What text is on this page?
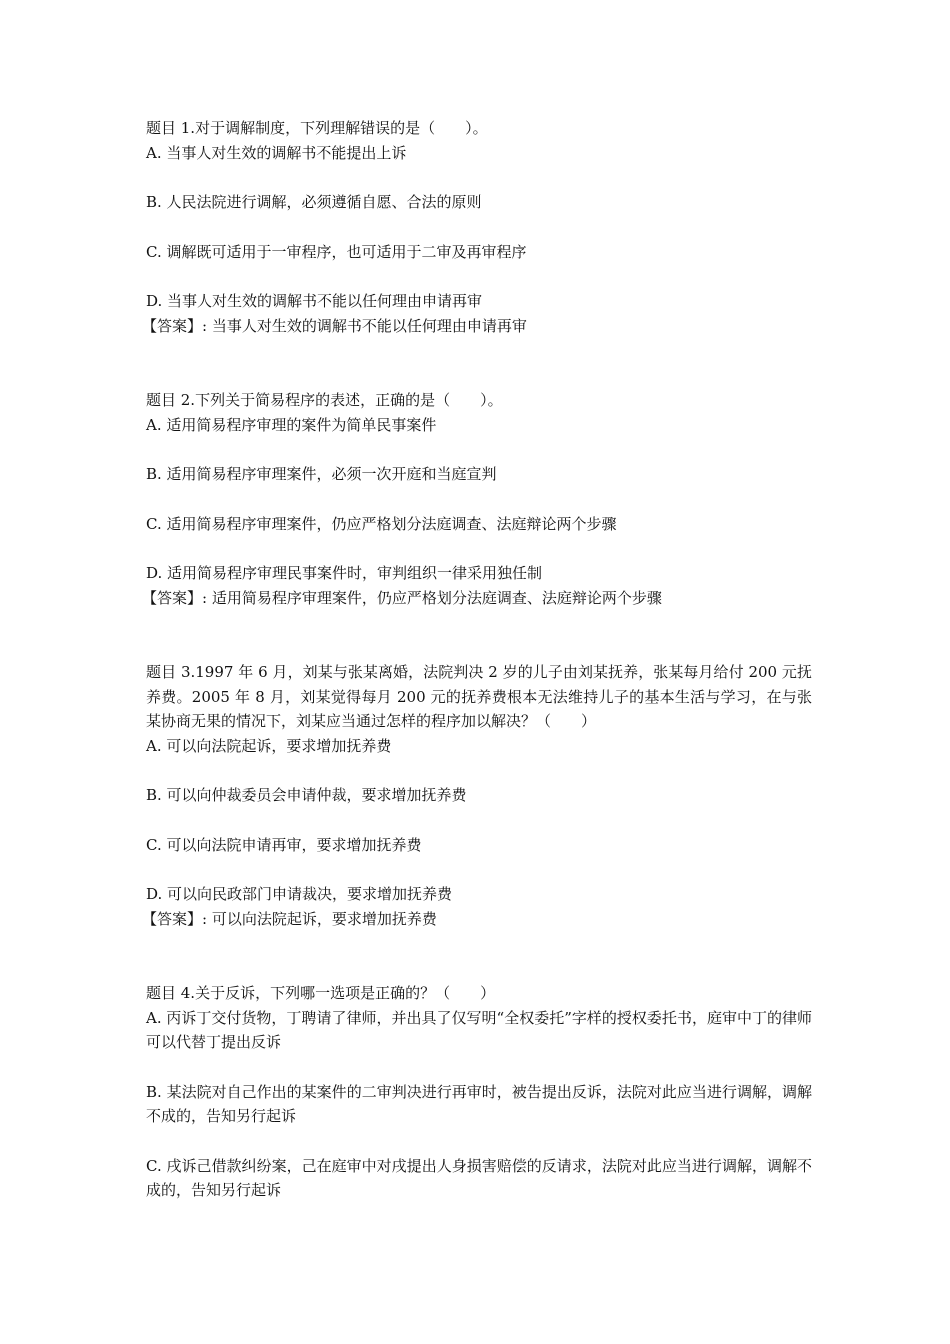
题目 1.对于调解制度，下列理解错误的是（　　）。

A. 当事人对生效的调解书不能提出上诉

B. 人民法院进行调解，必须遵循自愿、合法的原则

C. 调解既可适用于一审程序，也可适用于二审及再审程序

D. 当事人对生效的调解书不能以任何理由申请再审

【答案】: 当事人对生效的调解书不能以任何理由申请再审

题目 2.下列关于简易程序的表述，正确的是（　　）。

A. 适用简易程序审理的案件为简单民事案件

B. 适用简易程序审理案件，必须一次开庭和当庭宣判

C. 适用简易程序审理案件，仍应严格划分法庭调查、法庭辩论两个步骤

D. 适用简易程序审理民事案件时，审判组织一律采用独任制

【答案】: 适用简易程序审理案件，仍应严格划分法庭调查、法庭辩论两个步骤

题目 3.1997 年 6 月，刘某与张某离婚，法院判决 2 岁的儿子由刘某抚养，张某每月给付 200 元抚养费。2005 年 8 月，刘某觉得每月 200 元的抚养费根本无法维持儿子的基本生活与学习，在与张某协商无果的情况下，刘某应当通过怎样的程序加以解决？（　　）

A. 可以向法院起诉，要求增加抚养费

B. 可以向仲裁委员会申请仲裁，要求增加抚养费

C. 可以向法院申请再审，要求增加抚养费

D. 可以向民政部门申请裁决，要求增加抚养费

【答案】: 可以向法院起诉，要求增加抚养费

题目 4.关于反诉，下列哪一选项是正确的？（　　）

A. 丙诉丁交付货物，丁聘请了律师，并出具了仅写明“全权委托”字样的授权委托书，庭审中丁的律师可以代替丁提出反诉

B. 某法院对自己作出的某案件的二审判决进行再审时，被告提出反诉，法院对此应当进行调解，调解不成的，告知另行起诉

C. 戌诉己借款纠纷案，己在庭审中对戌提出人身损害赔偿的反请求，法院对此应当进行调解，调解不成的，告知另行起诉
